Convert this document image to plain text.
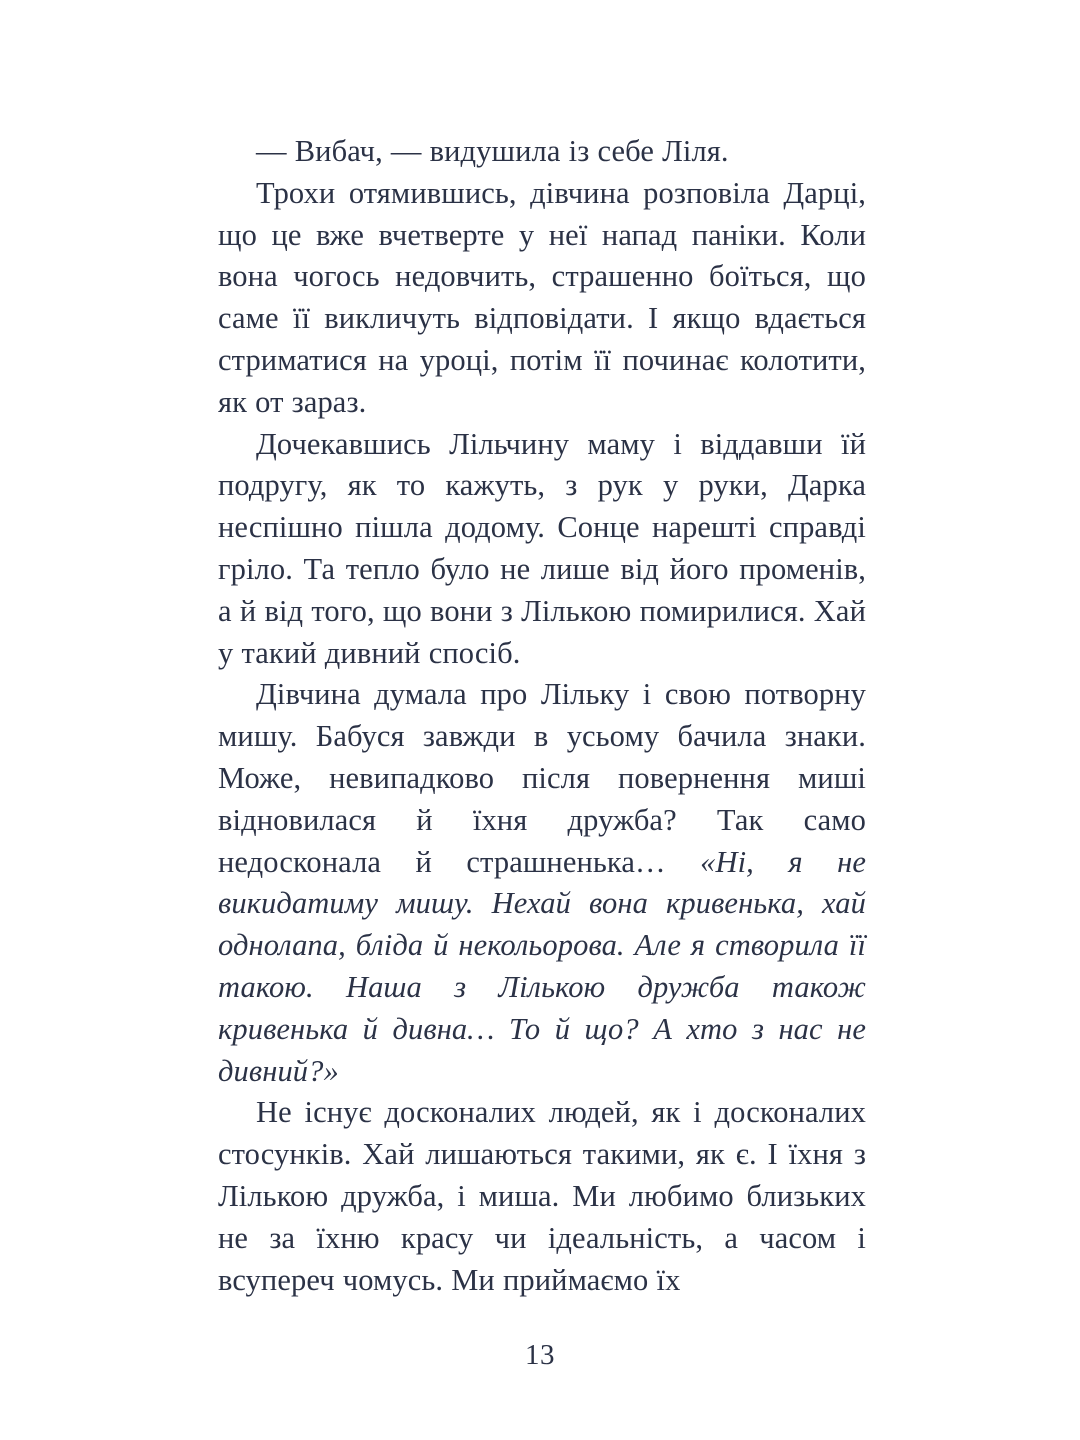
— Вибач, — видушила із себе Ліля.

Трохи отямившись, дівчина розповіла Дарці, що це вже вчетверте у неї напад паніки. Коли вона чогось недовчить, страшенно боїться, що саме її викличуть відповідати. І якщо вдається стриматися на уроці, потім її починає колотити, як от зараз.

Дочекавшись Лільчину маму і віддавши їй подругу, як то кажуть, з рук у руки, Дарка неспішно пішла додому. Сонце нарешті справді гріло. Та тепло було не лише від його променів, а й від того, що вони з Лількою помирилися. Хай у такий дивний спосіб.

Дівчина думала про Лільку і свою потворну мишу. Бабуся завжди в усьому бачила знаки. Може, невипадково після повернення миші відновилася й їхня дружба? Так само недосконала й страшненька… «Ні, я не викидатиму мишу. Нехай вона кривенька, хай однолапа, бліда й некольорова. Але я створила її такою. Наша з Лількою дружба також кривенька й дивна… То й що? А хто з нас не дивний?»

Не існує досконалих людей, як і досконалих стосунків. Хай лишаються такими, як є. І їхня з Лількою дружба, і миша. Ми любимо близьких не за їхню красу чи ідеальність, а часом і всупереч чомусь. Ми приймаємо їх

13
